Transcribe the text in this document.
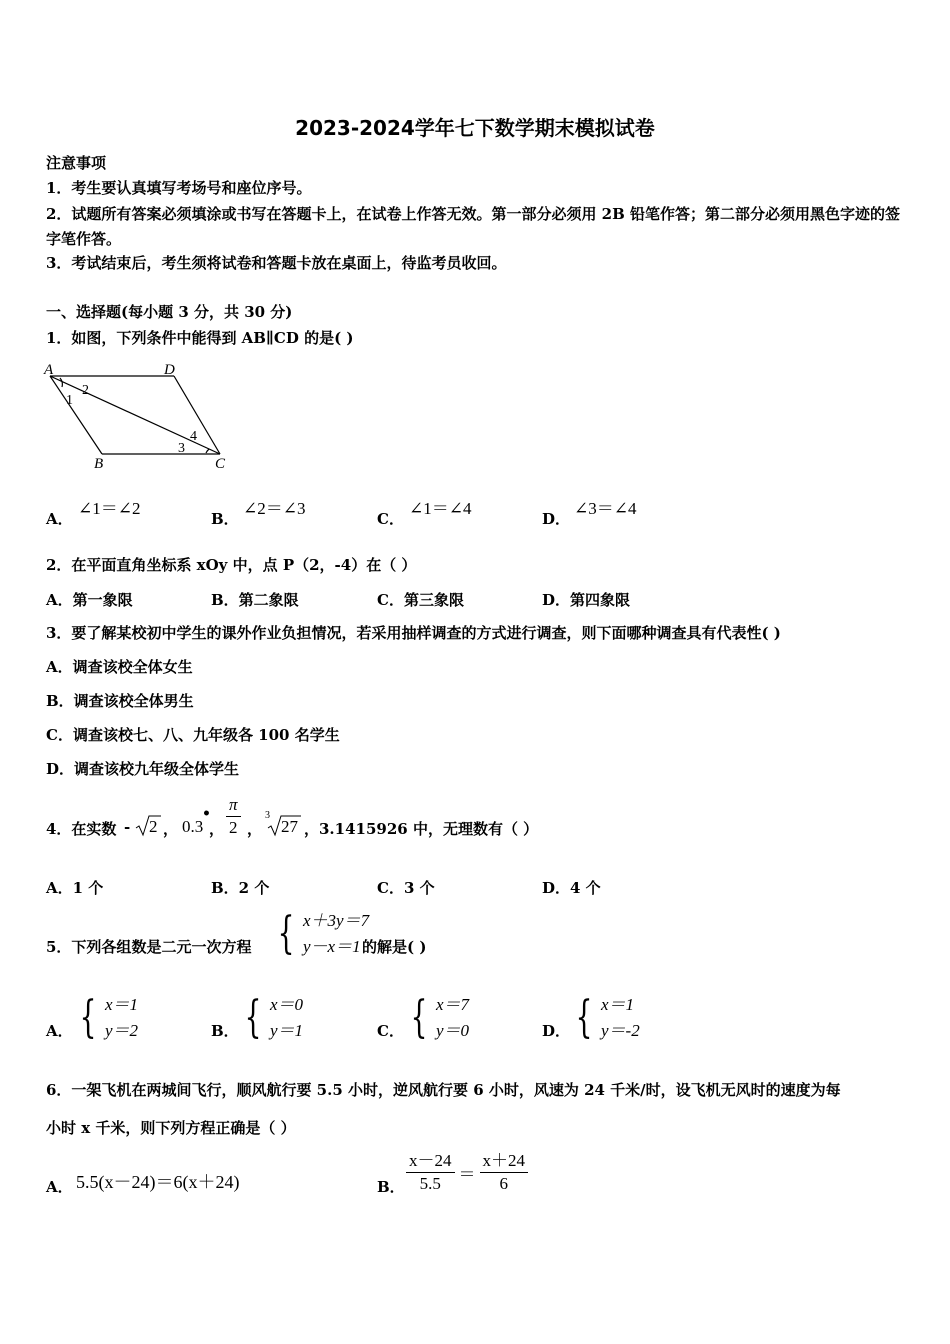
2023-2024学年七下数学期末模拟试卷
注意事项
1．考生要认真填写考场号和座位序号。
2．试题所有答案必须填涂或书写在答题卡上，在试卷上作答无效。第一部分必须用 2B 铅笔作答；第二部分必须用黑色字迹的签字笔作答。
3．考试结束后，考生须将试卷和答题卡放在桌面上，待监考员收回。
一、选择题(每小题 3 分，共 30 分)
1．如图，下列条件中能得到 AB∥CD 的是( )
A	D
B	C
2
1
4
3
A．
∠1＝∠2
B．
∠2＝∠3
C．
∠1＝∠4
D．
∠3＝∠4
2．在平面直角坐标系 xOy 中，点 P（2，-4）在（ ）
A．第一象限	B．第二象限	C．第三象限	D．第四象限
3．要了解某校初中学生的课外作业负担情况，若采用抽样调查的方式进行调查，则下面哪种调查具有代表性( )
A．调查该校全体女生
B．调查该校全体男生
C．调查该校七、八、九年级各 100 名学生
D．调查该校九年级全体学生
4．在实数 - 2 ，
•
0.3 ， $\frac{\pi}{2}$ ，
3
27 ，3.1415926 中，无理数有（ ）
A．1 个	B．2 个	C．3 个	D．4 个
5．下列各组数是二元一次方程 { x＋3y＝7
y－x＝1 的解是( )
A． { x＝1
y＝2	B． { x＝0
y＝1	C． { x＝7
y＝0	D． { x＝1
y＝-2
6．一架飞机在两城间飞行，顺风航行要 5.5 小时，逆风航行要 6 小时，风速为 24 千米/时，设飞机无风时的速度为每
小时 x 千米，则下列方程正确是（ ）
A． 5.5(x－24)＝6(x＋24)	B． $\frac{x-24}{5.5} = \frac{x+24}{6}$
